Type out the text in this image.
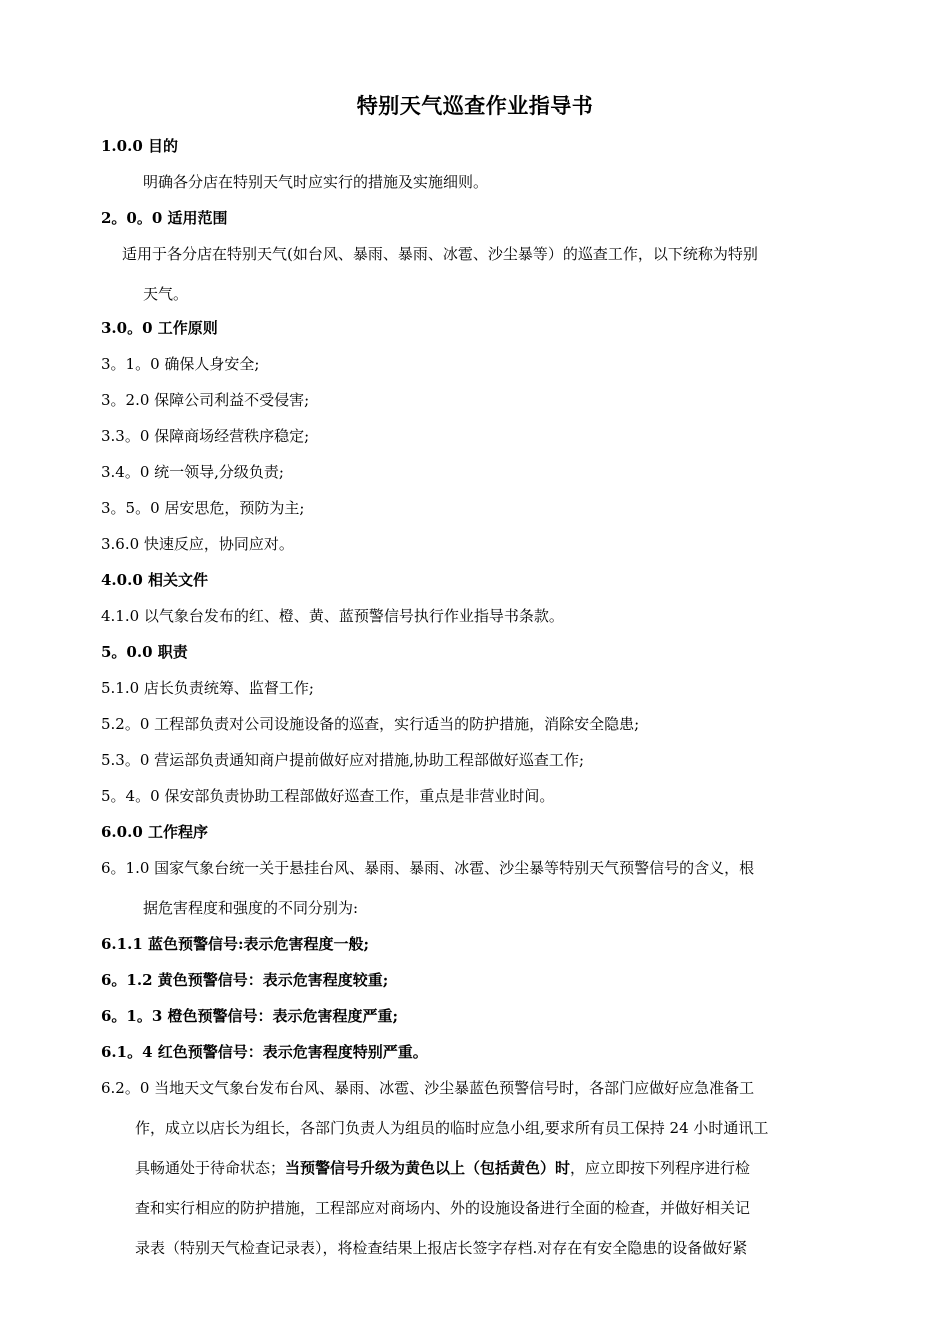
特别天气巡查作业指导书
1.0.0 目的
明确各分店在特别天气时应实行的措施及实施细则。
2。0。0 适用范围
适用于各分店在特别天气(如台风、暴雨、暴雨、冰雹、沙尘暴等）的巡查工作，以下统称为特别
天气。
3.0。0 工作原则
3。1。0 确保人身安全;
3。2.0 保障公司利益不受侵害;
3.3。0 保障商场经营秩序稳定;
3.4。0 统一领导,分级负责;
3。5。0 居安思危，预防为主;
3.6.0 快速反应，协同应对。
4.0.0 相关文件
4.1.0 以气象台发布的红、橙、黄、蓝预警信号执行作业指导书条款。
5。0.0 职责
5.1.0 店长负责统筹、监督工作;
5.2。0 工程部负责对公司设施设备的巡查，实行适当的防护措施，消除安全隐患;
5.3。0 营运部负责通知商户提前做好应对措施,协助工程部做好巡查工作;
5。4。0 保安部负责协助工程部做好巡查工作，重点是非营业时间。
6.0.0 工作程序
6。1.0 国家气象台统一关于悬挂台风、暴雨、暴雨、冰雹、沙尘暴等特别天气预警信号的含义，根
据危害程度和强度的不同分别为:
6.1.1 蓝色预警信号:表示危害程度一般;
6。1.2 黄色预警信号：表示危害程度较重;
6。1。3 橙色预警信号：表示危害程度严重;
6.1。4 红色预警信号：表示危害程度特别严重。
6.2。0 当地天文气象台发布台风、暴雨、冰雹、沙尘暴蓝色预警信号时，各部门应做好应急准备工
作，成立以店长为组长，各部门负责人为组员的临时应急小组,要求所有员工保持 24 小时通讯工
具畅通处于待命状态；当预警信号升级为黄色以上（包括黄色）时，应立即按下列程序进行检
查和实行相应的防护措施，工程部应对商场内、外的设施设备进行全面的检查，并做好相关记
录表（特别天气检查记录表），将检查结果上报店长签字存档.对存在有安全隐患的设备做好紧
